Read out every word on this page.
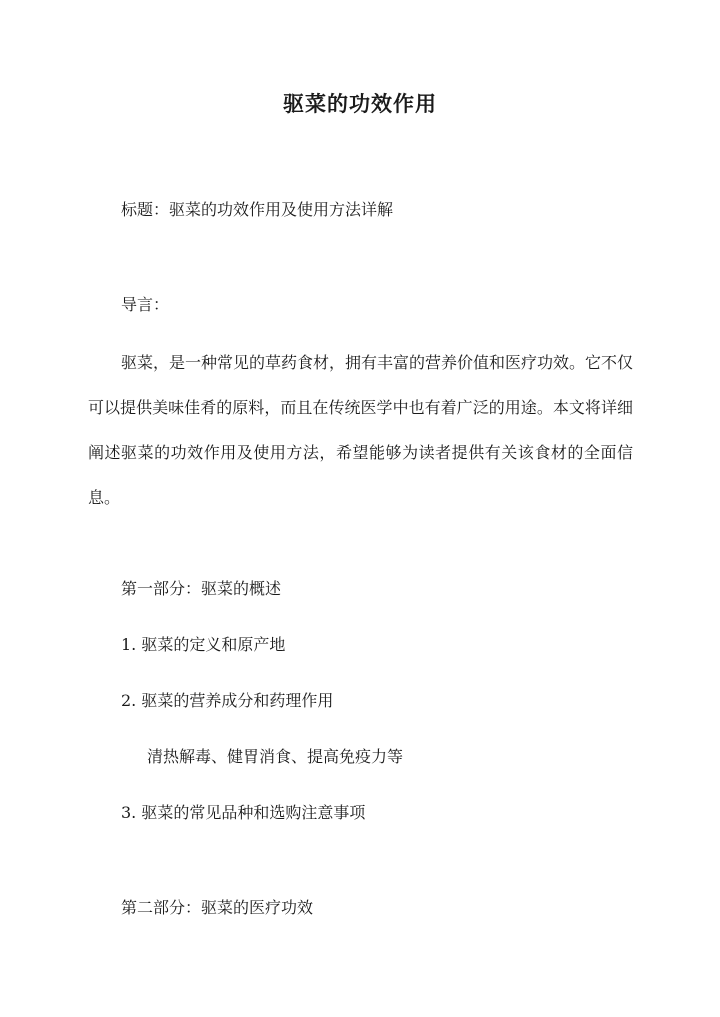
驱菜的功效作用
标题：驱菜的功效作用及使用方法详解
导言：

驱菜，是一种常见的草药食材，拥有丰富的营养价值和医疗功效。它不仅可以提供美味佳肴的原料，而且在传统医学中也有着广泛的用途。本文将详细阐述驱菜的功效作用及使用方法，希望能够为读者提供有关该食材的全面信息。

第一部分：驱菜的概述
1. 驱菜的定义和原产地
2. 驱菜的营养成分和药理作用
清热解毒、健胃消食、提高免疫力等
3. 驱菜的常见品种和选购注意事项
第二部分：驱菜的医疗功效
